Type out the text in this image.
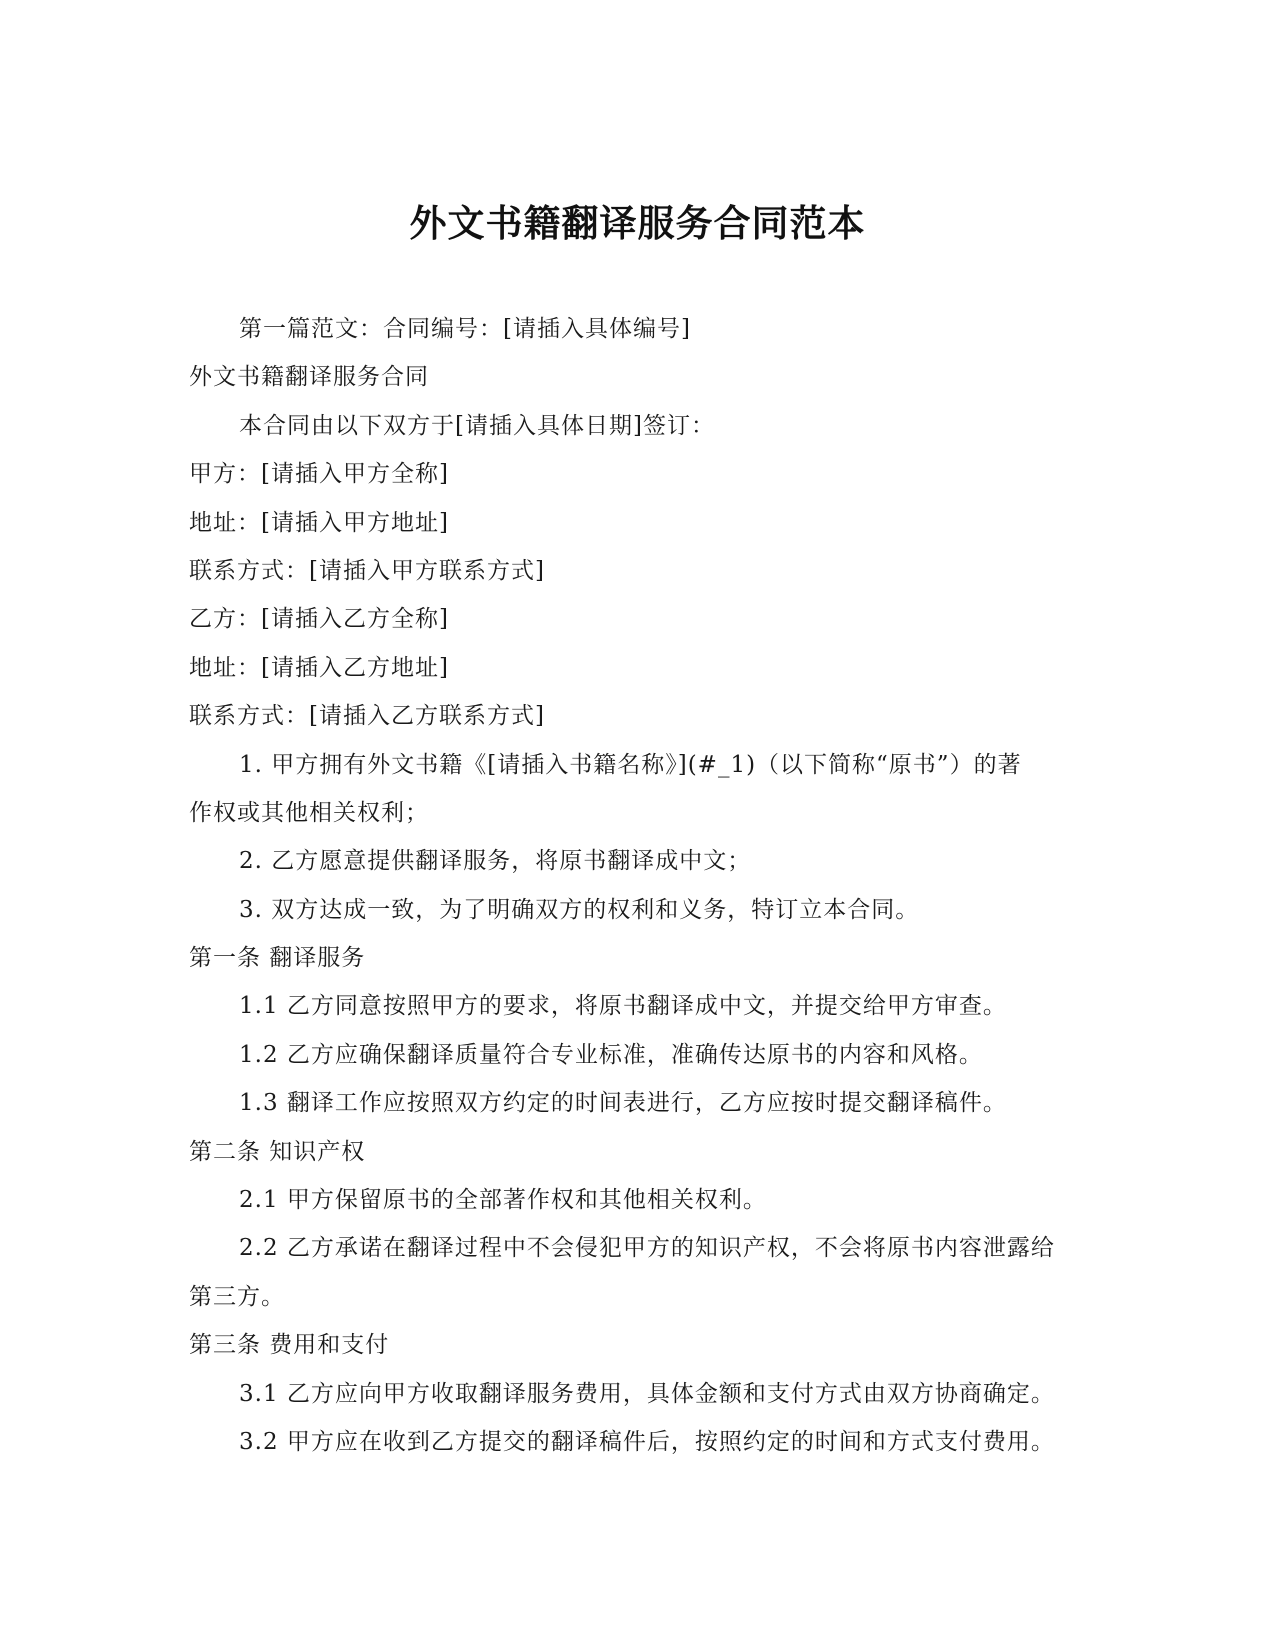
外文书籍翻译服务合同范本

第一篇范文：合同编号：[请插入具体编号]

外文书籍翻译服务合同

本合同由以下双方于[请插入具体日期]签订：

甲方：[请插入甲方全称]

地址：[请插入甲方地址]

联系方式：[请插入甲方联系方式]

乙方：[请插入乙方全称]

地址：[请插入乙方地址]

联系方式：[请插入乙方联系方式]

1. 甲方拥有外文书籍《[请插入书籍名称》](#_1)（以下简称“原书”）的著

作权或其他相关权利；

2. 乙方愿意提供翻译服务，将原书翻译成中文；

3. 双方达成一致，为了明确双方的权利和义务，特订立本合同。

第一条 翻译服务

1.1 乙方同意按照甲方的要求，将原书翻译成中文，并提交给甲方审查。

1.2 乙方应确保翻译质量符合专业标准，准确传达原书的内容和风格。

1.3 翻译工作应按照双方约定的时间表进行，乙方应按时提交翻译稿件。

第二条 知识产权

2.1 甲方保留原书的全部著作权和其他相关权利。

2.2 乙方承诺在翻译过程中不会侵犯甲方的知识产权，不会将原书内容泄露给

第三方。

第三条 费用和支付

3.1 乙方应向甲方收取翻译服务费用，具体金额和支付方式由双方协商确定。

3.2 甲方应在收到乙方提交的翻译稿件后，按照约定的时间和方式支付费用。
